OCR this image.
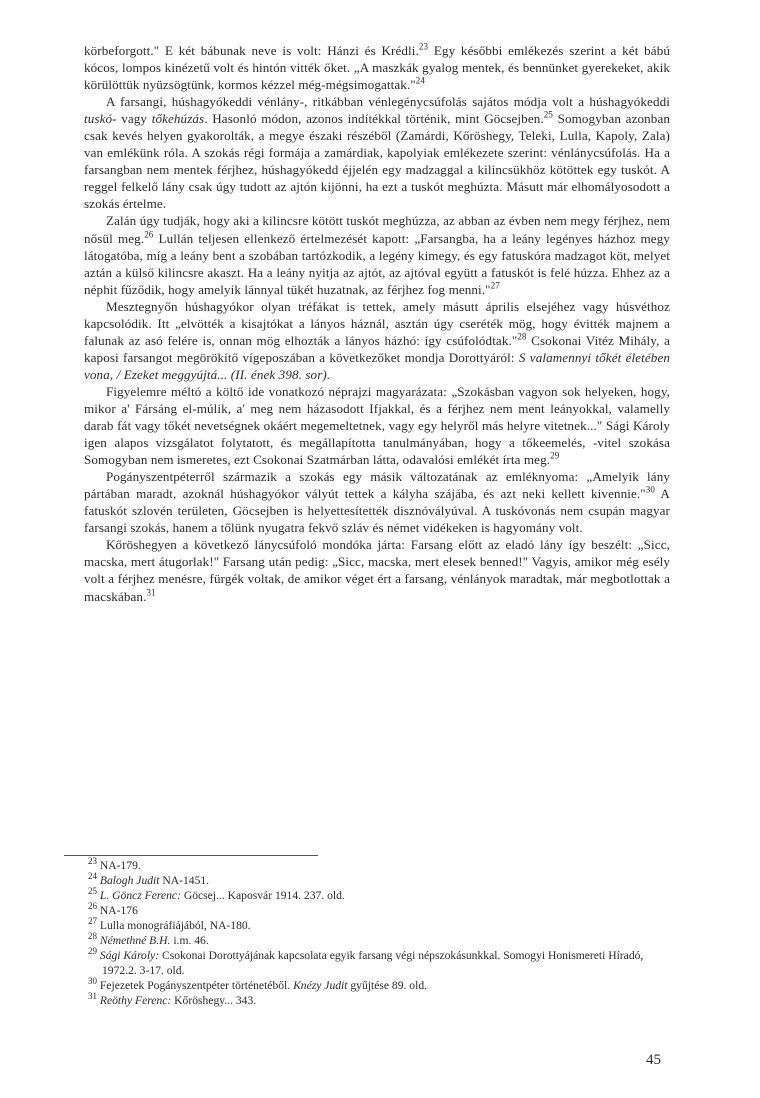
körbeforgott." E két bábunak neve is volt: Hánzi és Krédli.$^{23}$ Egy későbbi emlékezés szerint a két bábú kócos, lompos kinézetű volt és hintón vitték őket. „A maszkák gyalog mentek, és bennünket gyerekeket, akik körülöttük nyüzsögtünk, kormos kézzel még-mégsimogattak."$^{24}$

A farsangi, húshagyókeddi vénlány-, ritkábban vénlegénycsúfolás sajátos módja volt a húshagyókeddi tuskó- vagy tőkehúzás. Hasonló módon, azonos indítékkal történik, mint Göcsejben.$^{25}$ Somogyban azonban csak kevés helyen gyakorolták, a megye északi részéből (Zamárdi, Kőröshegy, Teleki, Lulla, Kapoly, Zala) van emlékünk róla. A szokás régi formája a zamárdiak, kapolyiak emlékezete szerint: vénlánycsúfolás. Ha a farsangban nem mentek férjhez, húshagyókedd éjjelén egy madzaggal a kilincsükhöz kötöttek egy tuskót. A reggel felkelő lány csak úgy tudott az ajtón kijönni, ha ezt a tuskót meghúzta. Másutt már elhomályosodott a szokás értelme.

Zalán úgy tudják, hogy aki a kilincsre kötött tuskót meghúzza, az abban az évben nem megy férjhez, nem nősül meg.$^{26}$ Lullán teljesen ellenkező értelmezését kapott: „Farsangba, ha a leány legényes házhoz megy látogatóba, míg a leány bent a szobában tartózkodik, a legény kimegy, és egy fatuskóra madzagot köt, melyet aztán a külső kilincsre akaszt. Ha a leány nyitja az ajtót, az ajtóval együtt a fatuskót is felé húzza. Ehhez az a néphit fűződik, hogy amelyik lánnyal tükét huzatnak, az férjhez fog menni."$^{27}$

Mesztegnyőn húshagyókor olyan tréfákat is tettek, amely másutt április elsejéhez vagy húsvéthoz kapcsolódik. Itt „elvötték a kisajtókat a lányos háznál, asztán úgy cseréték mög, hogy évitték majnem a falunak az asó felére is, onnan mög elhozták a lányos házhó: így csúfolódtak."$^{28}$ Csokonai Vitéz Mihály, a kaposi farsangot megörökítő vígeposzában a következőket mondja Dorottyáról: S valamennyi tőkét életében vona, / Ezeket meggyújtá... (II. ének 398. sor).

Figyelemre méltó a költő ide vonatkozó néprajzi magyarázata: „Szokásban vagyon sok helyeken, hogy, mikor a' Fársáng el-múlik, a' meg nem házasodott Ifjakkal, és a férjhez nem ment leányokkal, valamelly darab fát vagy tőkét nevetségnek okáért megemeltetnek, vagy egy helyről más helyre vitetnek..." Sági Károly igen alapos vizsgálatot folytatott, és megállapította tanulmányában, hogy a tőkeemelés, -vitel szokása Somogyban nem ismeretes, ezt Csokonai Szatmárban látta, odavalósi emlékét írta meg.$^{29}$

Pogányszentpéterről származik a szokás egy másik változatának az emléknyoma: „Amelyik lány pártában maradt, azoknál húshagyókor vályút tettek a kályha szájába, és azt neki kellett kivennie."$^{30}$ A fatuskót szlovén területen, Göcsejben is helyettesítették disznóvályúval. A tuskóvonás nem csupán magyar farsangi szokás, hanem a tőlünk nyugatra fekvő szláv és német vidékeken is hagyomány volt.

Kőröshegyen a következő lánycsúfoló mondóka járta: Farsang előtt az eladó lány így beszélt: „Sicc, macska, mert átugorlak!" Farsang után pedig: „Sicc, macska, mert elesek benned!" Vagyis, amikor még esély volt a férjhez menésre, fürgék voltak, de amikor véget ért a farsang, vénlányok maradtak, már megbotlottak a macskában.$^{31}$

$^{23}$ NA-179.
$^{24}$ Balogh Judit NA-1451.
$^{25}$ L. Göncz Ferenc: Göcsej... Kaposvár 1914. 237. old.
$^{26}$ NA-176
$^{27}$ Lulla monográfiájából, NA-180.
$^{28}$ Némethné B.H. i.m. 46.
$^{29}$ Sági Károly: Csokonai Dorottyájának kapcsolata egyik farsang végi népszokásunkkal. Somogyi Honismereti Híradó, 1972.2. 3-17. old.
$^{30}$ Fejezetek Pogányszentpéter történetéből. Knézy Judit gyűjtése 89. old.
$^{31}$ Reöthy Ferenc: Kőröshegy... 343.
45
